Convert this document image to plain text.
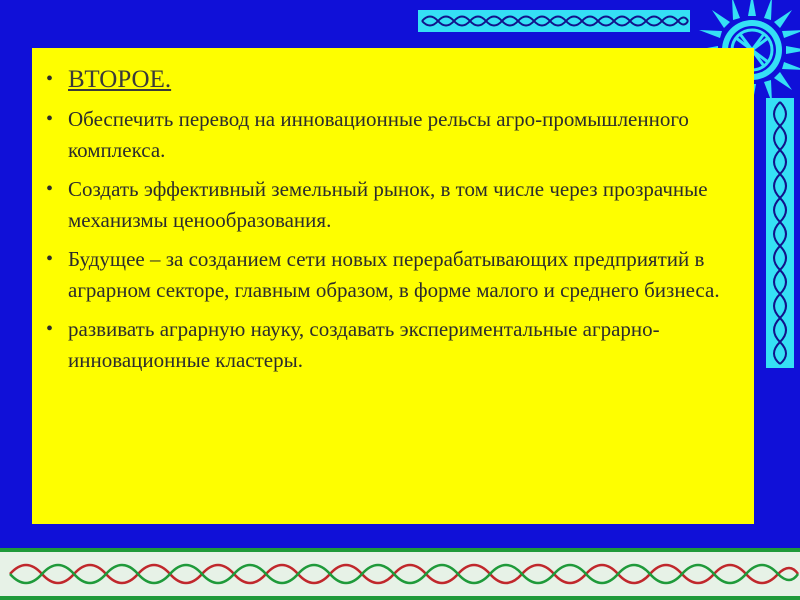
• ВТОРОЕ.
• Обеспечить перевод на инновационные рельсы агро-промышленного комплекса.
• Создать эффективный земельный рынок, в том числе через прозрачные механизмы ценообразования.
• Будущее – за созданием сети новых перерабатывающих предприятий в аграрном секторе, главным образом, в форме малого и среднего бизнеса.
• развивать аграрную науку, создавать экспериментальные аграрно-инновационные кластеры.
